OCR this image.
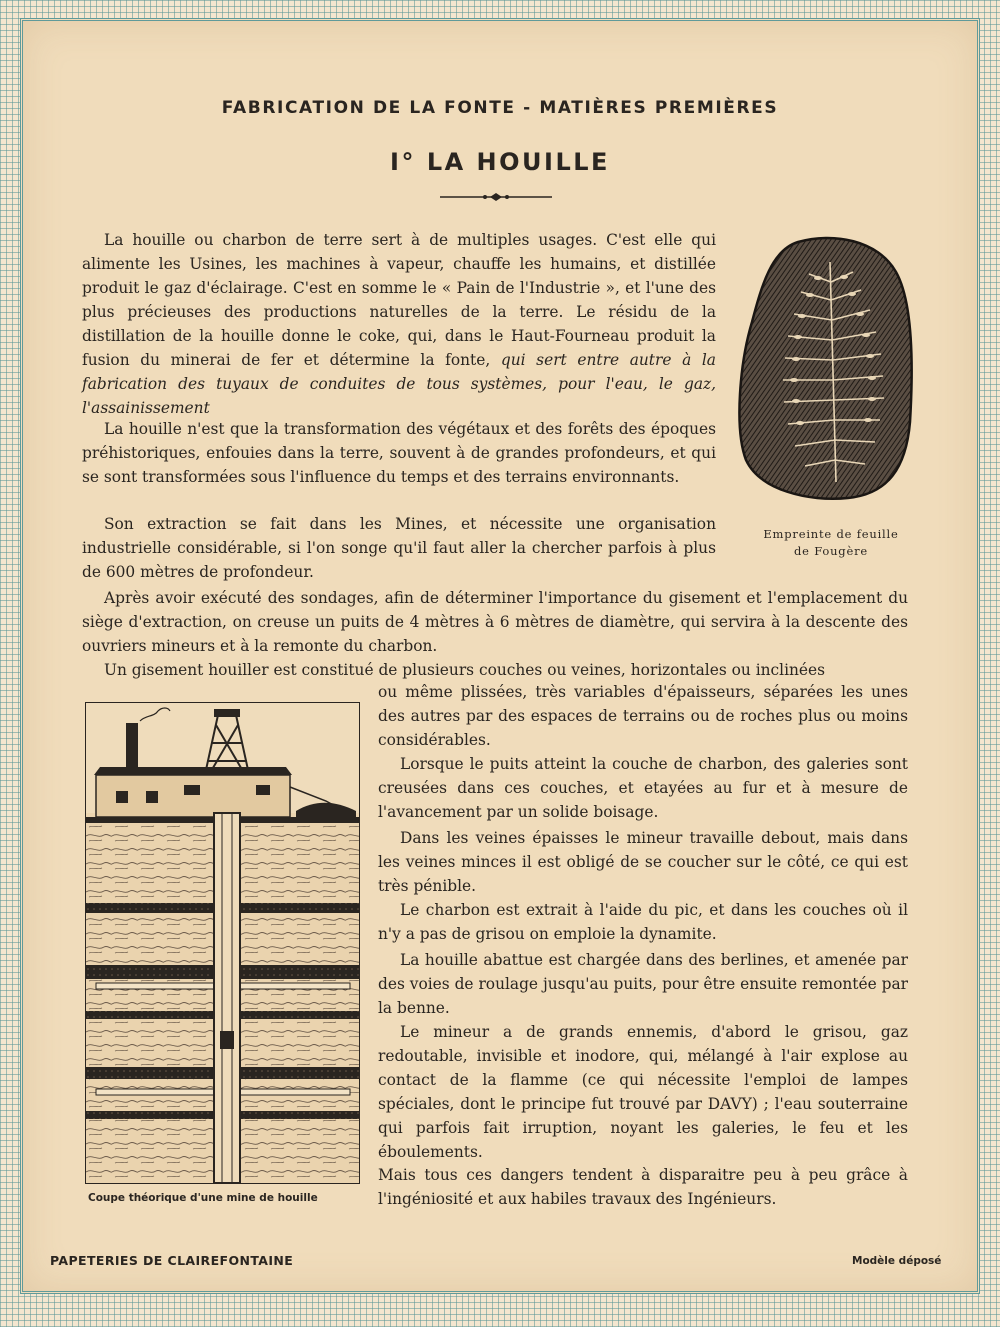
FABRICATION DE LA FONTE - MATIÈRES PREMIÈRES
I° LA HOUILLE

La houille ou charbon de terre sert à de multiples usages. C'est elle qui alimente les Usines, les machines à vapeur, chauffe les humains, et distillée produit le gaz d'éclairage. C'est en somme le « Pain de l'Industrie », et l'une des plus précieuses des productions naturelles de la terre. Le résidu de la distillation de la houille donne le coke, qui, dans le Haut-Fourneau produit la fusion du minerai de fer et détermine la fonte, qui sert entre autre à la fabrication des tuyaux de conduites de tous systèmes, pour l'eau, le gaz, l'assainissement

La houille n'est que la transformation des végétaux et des forêts des époques préhistoriques, enfouies dans la terre, souvent à de grandes profondeurs, et qui se sont transformées sous l'influence du temps et des terrains environnants.

Son extraction se fait dans les Mines, et nécessite une organisation industrielle considérable, si l'on songe qu'il faut aller la chercher parfois à plus de 600 mètres de profondeur.

Après avoir exécuté des sondages, afin de déterminer l'importance du gisement et l'emplacement du siège d'extraction, on creuse un puits de 4 mètres à 6 mètres de diamètre, qui servira à la descente des ouvriers mineurs et à la remonte du charbon.

Un gisement houiller est constitué de plusieurs couches ou veines, horizontales ou inclinées

ou même plissées, très variables d'épaisseurs, séparées les unes des autres par des espaces de terrains ou de roches plus ou moins considérables.

Lorsque le puits atteint la couche de charbon, des galeries sont creusées dans ces couches, et etayées au fur et à mesure de l'avancement par un solide boisage.

Dans les veines épaisses le mineur travaille debout, mais dans les veines minces il est obligé de se coucher sur le côté, ce qui est très pénible.

Le charbon est extrait à l'aide du pic, et dans les couches où il n'y a pas de grisou on emploie la dynamite.

La houille abattue est chargée dans des berlines, et amenée par des voies de roulage jusqu'au puits, pour être ensuite remontée par la benne.

Le mineur a de grands ennemis, d'abord le grisou, gaz redoutable, invisible et inodore, qui, mélangé à l'air explose au contact de la flamme (ce qui nécessite l'emploi de lampes spéciales, dont le principe fut trouvé par DAVY) ; l'eau souterraine qui parfois fait irruption, noyant les galeries, le feu et les éboulements.

Mais tous ces dangers tendent à disparaitre peu à peu grâce à l'ingéniosité et aux habiles travaux des Ingénieurs.

Empreinte de feuille
de Fougère
Coupe théorique d'une mine de houille
PAPETERIES DE CLAIREFONTAINE	Modèle déposé
